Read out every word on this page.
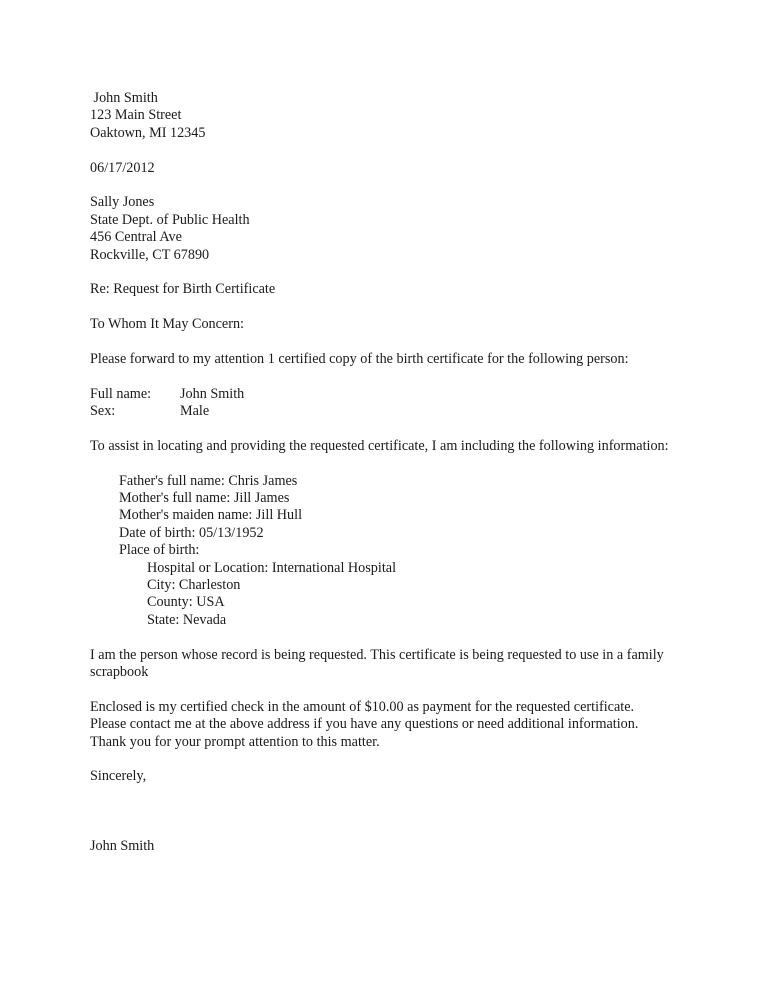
John Smith
123 Main Street
Oaktown, MI 12345
06/17/2012
Sally Jones
State Dept. of Public Health
456 Central Ave
Rockville, CT 67890
Re: Request for Birth Certificate
To Whom It May Concern:
Please forward to my attention 1 certified copy of the birth certificate for the following person:
Full name: John Smith
Sex:	Male
To assist in locating and providing the requested certificate, I am including the following information:
Father's full name: Chris James
Mother's full name: Jill James
Mother's maiden name: Jill Hull
Date of birth: 05/13/1952
Place of birth:
Hospital or Location: International Hospital
City: Charleston
County: USA
State: Nevada
I am the person whose record is being requested. This certificate is being requested to use in a family scrapbook
Enclosed is my certified check in the amount of $10.00 as payment for the requested certificate.
Please contact me at the above address if you have any questions or need additional information.
Thank you for your prompt attention to this matter.
Sincerely,
John Smith
